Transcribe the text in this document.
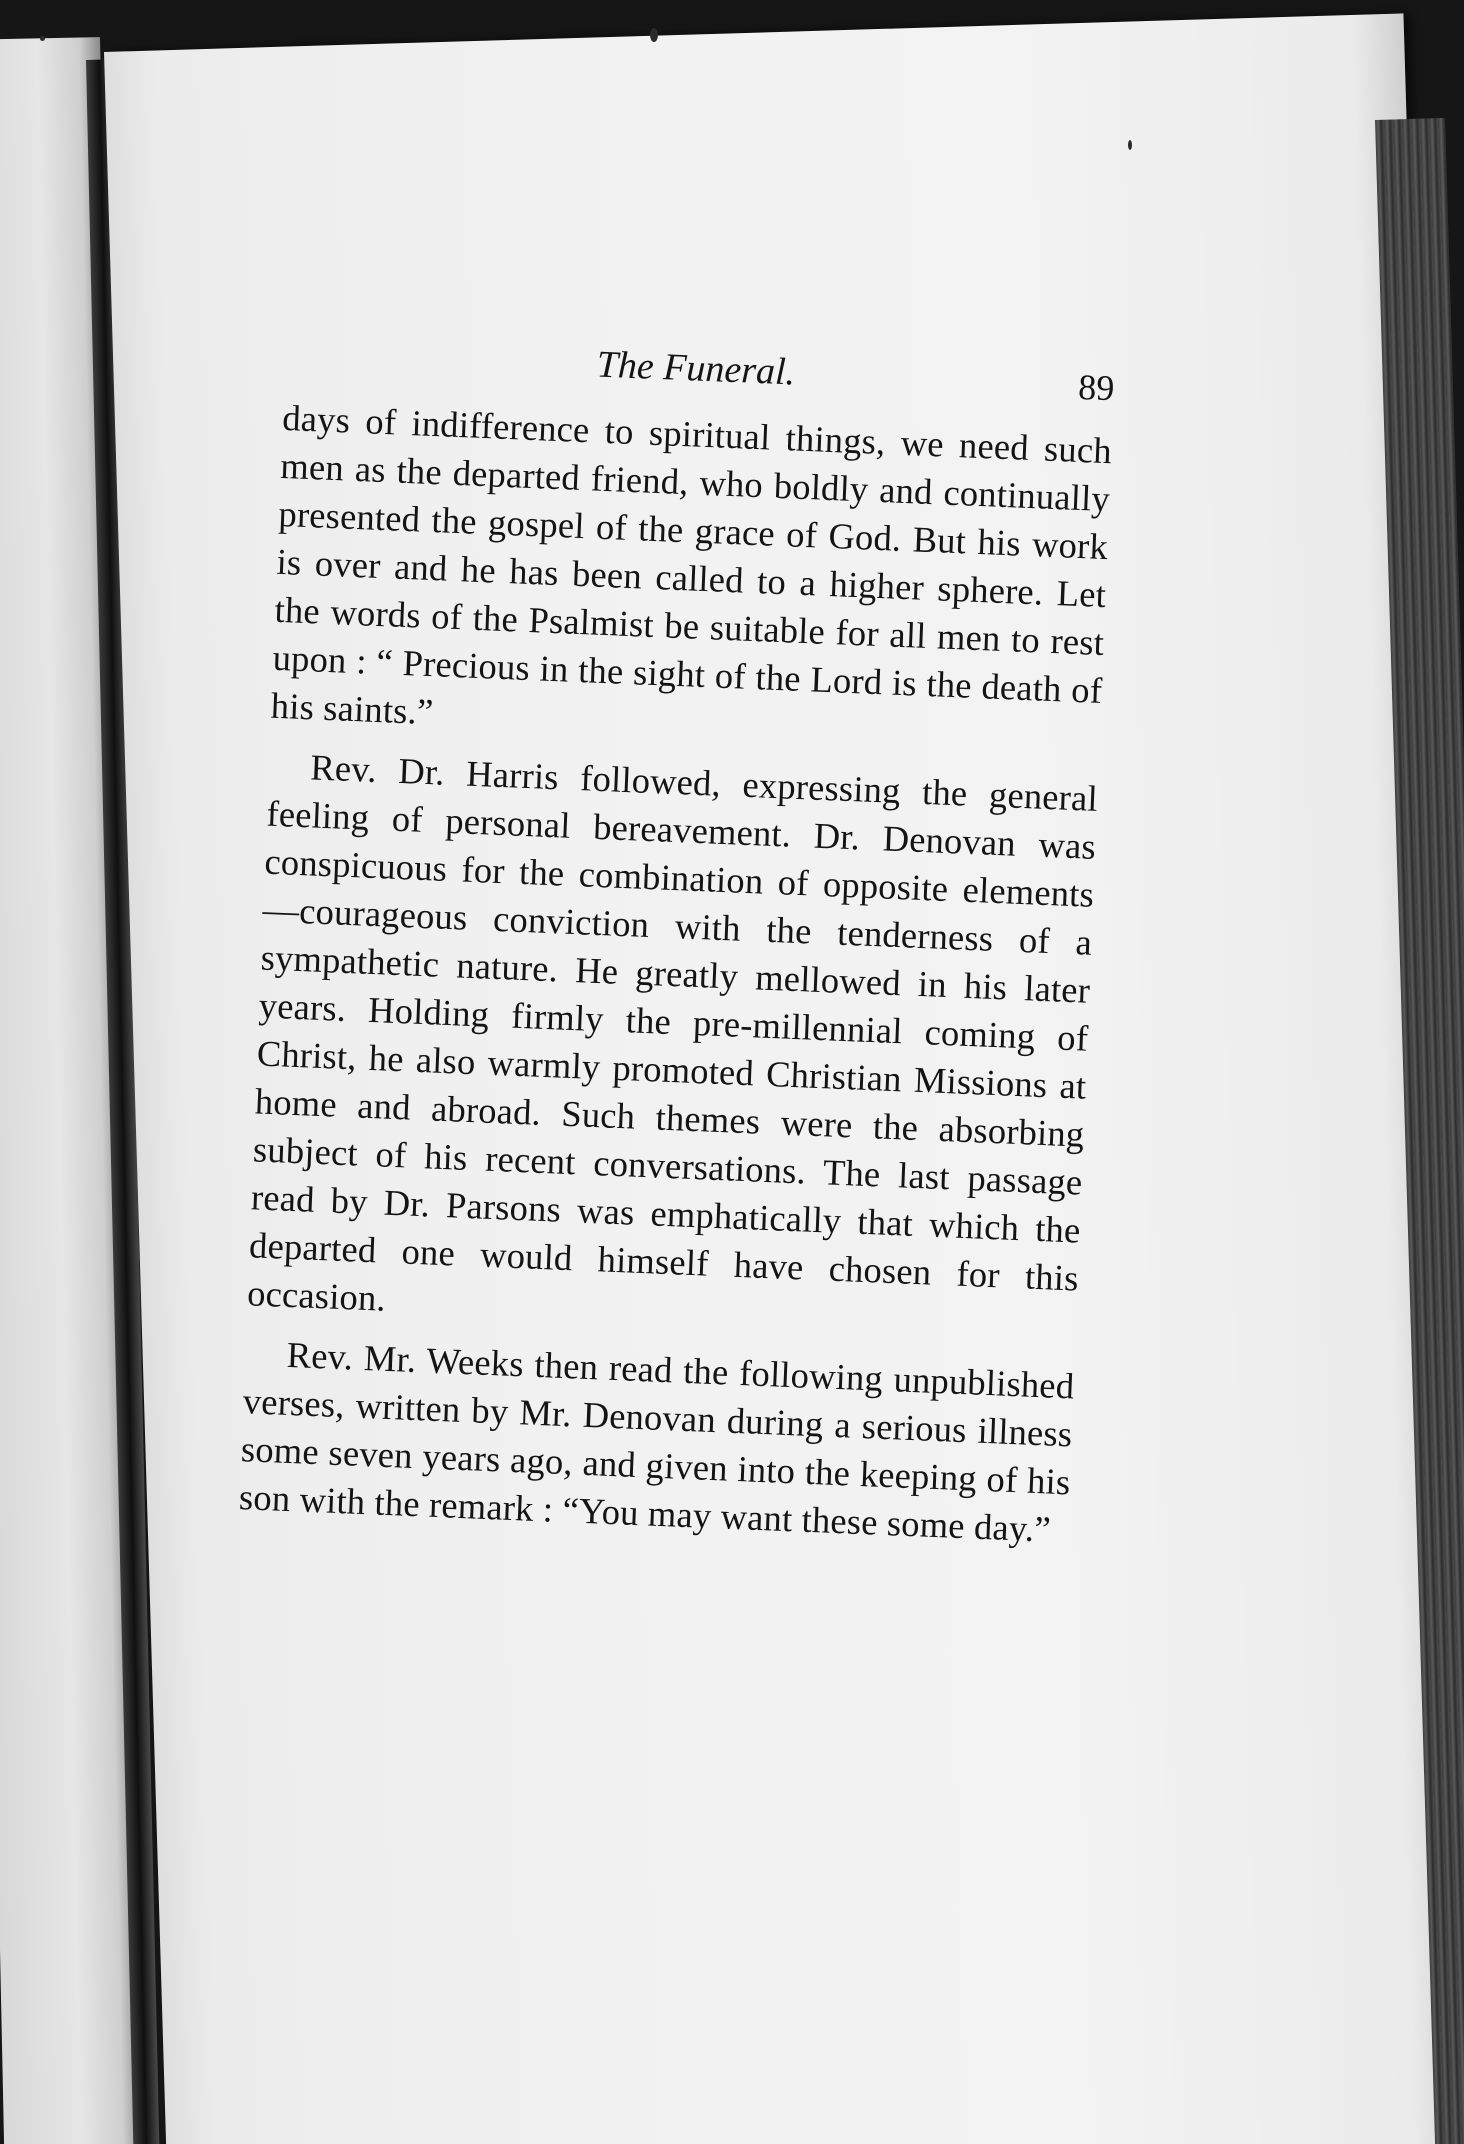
The Funeral.	89

days of indifference to spiritual things, we need such men as the departed friend, who boldly and continually presented the gospel of the grace of God. But his work is over and he has been called to a higher sphere. Let the words of the Psalmist be suitable for all men to rest upon : “ Precious in the sight of the Lord is the death of his saints.”

Rev. Dr. Harris followed, expressing the general feeling of personal bereavement. Dr. Denovan was conspicuous for the combination of opposite elements—courageous conviction with the tenderness of a sympathetic nature. He greatly mellowed in his later years. Holding firmly the pre-millennial coming of Christ, he also warmly promoted Christian Missions at home and abroad. Such themes were the absorbing subject of his recent conversations. The last passage read by Dr. Parsons was emphatically that which the departed one would himself have chosen for this occasion.

Rev. Mr. Weeks then read the following unpublished verses, written by Mr. Denovan during a serious illness some seven years ago, and given into the keeping of his son with the remark : “You may want these some day.”
